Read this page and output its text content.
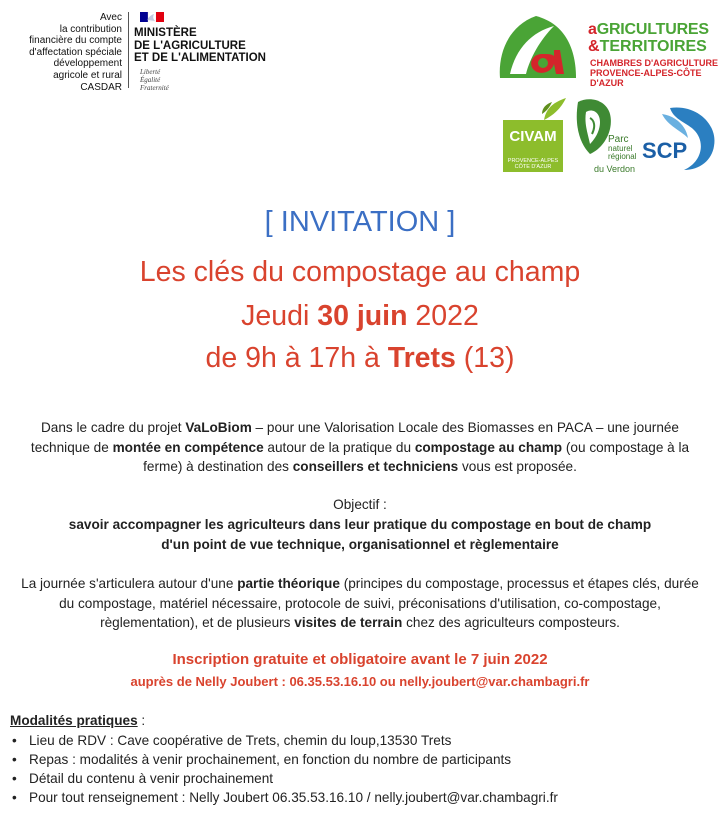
Avec
la contribution
financière du compte
d'affectation spéciale
développement
agricole et rural
CASDAR
MINISTÈRE
DE L'AGRICULTURE
ET DE L'ALIMENTATION
Liberté
Égalité
Fraternité
aGRICULTURES
&TERRITOIRES
CHAMBRES D'AGRICULTURE
PROVENCE-ALPES-CÔTE D'AZUR
CIVAM
PROVENCE-ALPES
CÔTE D'AZUR
Parc
naturel
régional
du Verdon
SCP
[ INVITATION ]
Les clés du compostage au champ
Jeudi 30 juin 2022
de 9h à 17h à Trets (13)
Dans le cadre du projet VaLoBiom – pour une Valorisation Locale des Biomasses en PACA – une journée technique de montée en compétence autour de la pratique du compostage au champ (ou compostage à la ferme) à destination des conseillers et techniciens vous est proposée.
Objectif :
savoir accompagner les agriculteurs dans leur pratique du compostage en bout de champ
d'un point de vue technique, organisationnel et règlementaire
La journée s'articulera autour d'une partie théorique (principes du compostage, processus et étapes clés, durée du compostage, matériel nécessaire, protocole de suivi, préconisations d'utilisation, co-compostage, règlementation), et de plusieurs visites de terrain chez des agriculteurs composteurs.
Inscription gratuite et obligatoire avant le 7 juin 2022
auprès de Nelly Joubert : 06.35.53.16.10 ou nelly.joubert@var.chambagri.fr
Modalités pratiques :
• Lieu de RDV : Cave coopérative de Trets, chemin du loup,13530 Trets
• Repas : modalités à venir prochainement, en fonction du nombre de participants
• Détail du contenu à venir prochainement
• Pour tout renseignement : Nelly Joubert 06.35.53.16.10 / nelly.joubert@var.chambagri.fr
